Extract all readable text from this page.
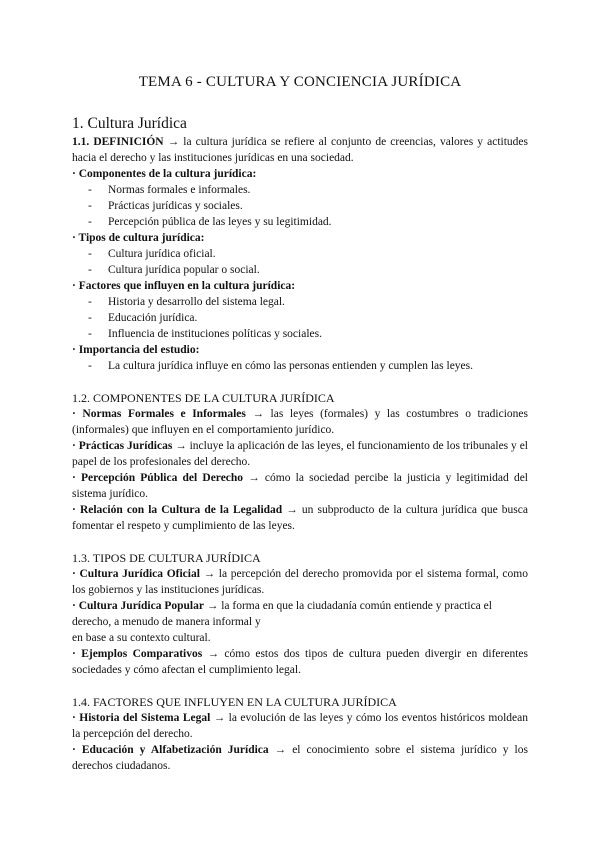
TEMA 6 - CULTURA Y CONCIENCIA JURÍDICA
1. Cultura Jurídica

1.1. DEFINICIÓN → la cultura jurídica se refiere al conjunto de creencias, valores y actitudes hacia el derecho y las instituciones jurídicas en una sociedad.

· Componentes de la cultura jurídica:
- Normas formales e informales.
- Prácticas jurídicas y sociales.
- Percepción pública de las leyes y su legitimidad.
· Tipos de cultura jurídica:
- Cultura jurídica oficial.
- Cultura jurídica popular o social.
· Factores que influyen en la cultura jurídica:
- Historia y desarrollo del sistema legal.
- Educación jurídica.
- Influencia de instituciones políticas y sociales.
· Importancia del estudio:
- La cultura jurídica influye en cómo las personas entienden y cumplen las leyes.
1.2. COMPONENTES DE LA CULTURA JURÍDICA

· Normas Formales e Informales → las leyes (formales) y las costumbres o tradiciones (informales) que influyen en el comportamiento jurídico.

· Prácticas Jurídicas → incluye la aplicación de las leyes, el funcionamiento de los tribunales y el papel de los profesionales del derecho.

· Percepción Pública del Derecho → cómo la sociedad percibe la justicia y legitimidad del sistema jurídico.

· Relación con la Cultura de la Legalidad → un subproducto de la cultura jurídica que busca fomentar el respeto y cumplimiento de las leyes.

1.3. TIPOS DE CULTURA JURÍDICA

· Cultura Jurídica Oficial → la percepción del derecho promovida por el sistema formal, como los gobiernos y las instituciones jurídicas.

· Cultura Jurídica Popular → la forma en que la ciudadanía común entiende y practica el derecho, a menudo de manera informal y

en base a su contexto cultural.

· Ejemplos Comparativos → cómo estos dos tipos de cultura pueden divergir en diferentes sociedades y cómo afectan el cumplimiento legal.

1.4. FACTORES QUE INFLUYEN EN LA CULTURA JURÍDICA

· Historia del Sistema Legal → la evolución de las leyes y cómo los eventos históricos moldean la percepción del derecho.

· Educación y Alfabetización Jurídica → el conocimiento sobre el sistema jurídico y los derechos ciudadanos.
